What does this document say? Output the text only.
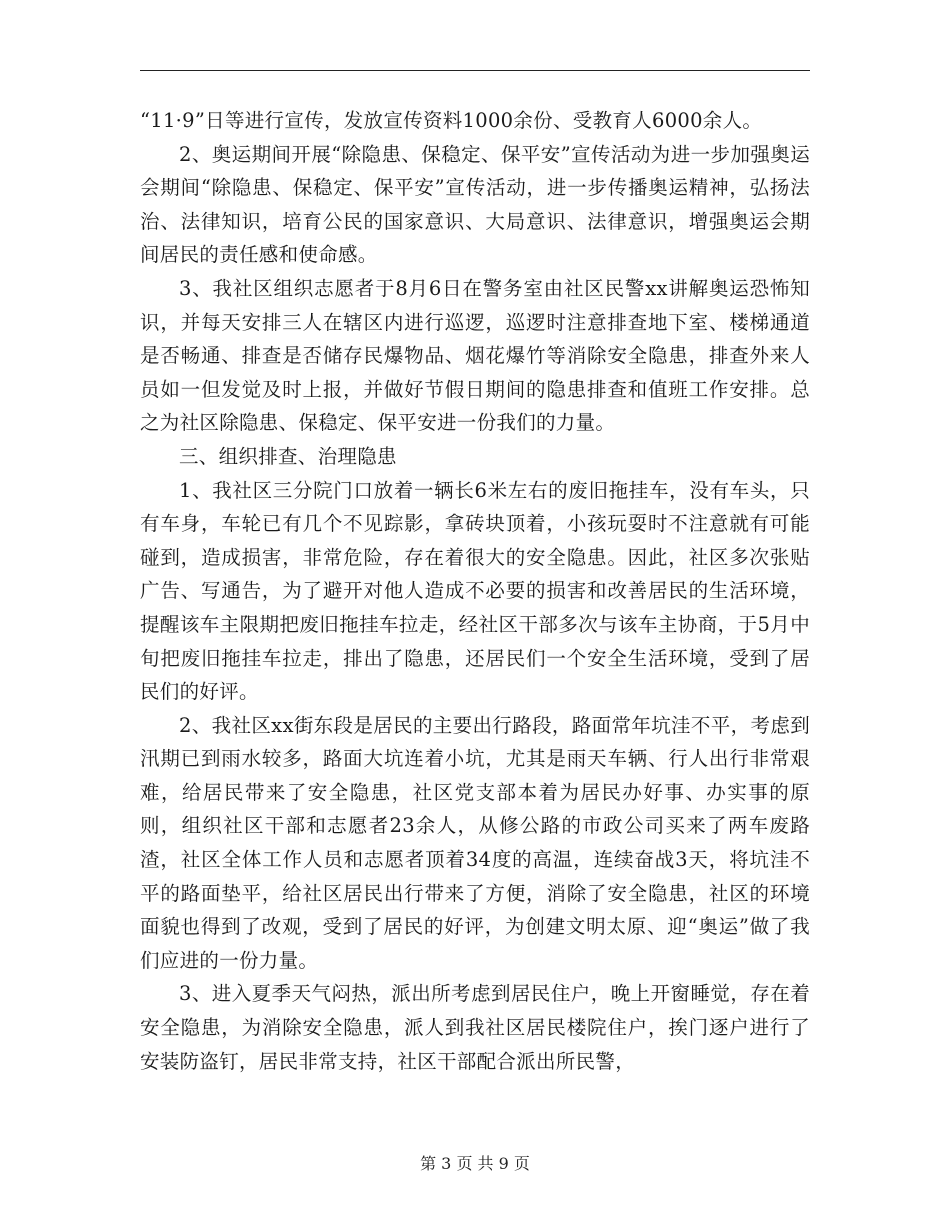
“11·9”日等进行宣传，发放宣传资料1000余份、受教育人6000余人。

2、奥运期间开展“除隐患、保稳定、保平安”宣传活动为进一步加强奥运会期间“除隐患、保稳定、保平安”宣传活动，进一步传播奥运精神，弘扬法治、法律知识，培育公民的国家意识、大局意识、法律意识，增强奥运会期间居民的责任感和使命感。

3、我社区组织志愿者于8月6日在警务室由社区民警xx讲解奥运恐怖知识，并每天安排三人在辖区内进行巡逻，巡逻时注意排查地下室、楼梯通道是否畅通、排查是否储存民爆物品、烟花爆竹等消除安全隐患，排查外来人员如一但发觉及时上报，并做好节假日期间的隐患排查和值班工作安排。总之为社区除隐患、保稳定、保平安进一份我们的力量。

三、组织排查、治理隐患

1、我社区三分院门口放着一辆长6米左右的废旧拖挂车，没有车头，只有车身，车轮已有几个不见踪影，拿砖块顶着，小孩玩耍时不注意就有可能碰到，造成损害，非常危险，存在着很大的安全隐患。因此，社区多次张贴广告、写通告，为了避开对他人造成不必要的损害和改善居民的生活环境，提醒该车主限期把废旧拖挂车拉走，经社区干部多次与该车主协商，于5月中旬把废旧拖挂车拉走，排出了隐患，还居民们一个安全生活环境，受到了居民们的好评。

2、我社区xx街东段是居民的主要出行路段，路面常年坑洼不平，考虑到汛期已到雨水较多，路面大坑连着小坑，尤其是雨天车辆、行人出行非常艰难，给居民带来了安全隐患，社区党支部本着为居民办好事、办实事的原则，组织社区干部和志愿者23余人，从修公路的市政公司买来了两车废路渣，社区全体工作人员和志愿者顶着34度的高温，连续奋战3天，将坑洼不平的路面垫平，给社区居民出行带来了方便，消除了安全隐患，社区的环境面貌也得到了改观，受到了居民的好评，为创建文明太原、迎“奥运”做了我们应进的一份力量。

3、进入夏季天气闷热，派出所考虑到居民住户，晚上开窗睡觉，存在着安全隐患，为消除安全隐患，派人到我社区居民楼院住户，挨门逐户进行了安装防盗钉，居民非常支持，社区干部配合派出所民警，

第 3 页 共 9 页
